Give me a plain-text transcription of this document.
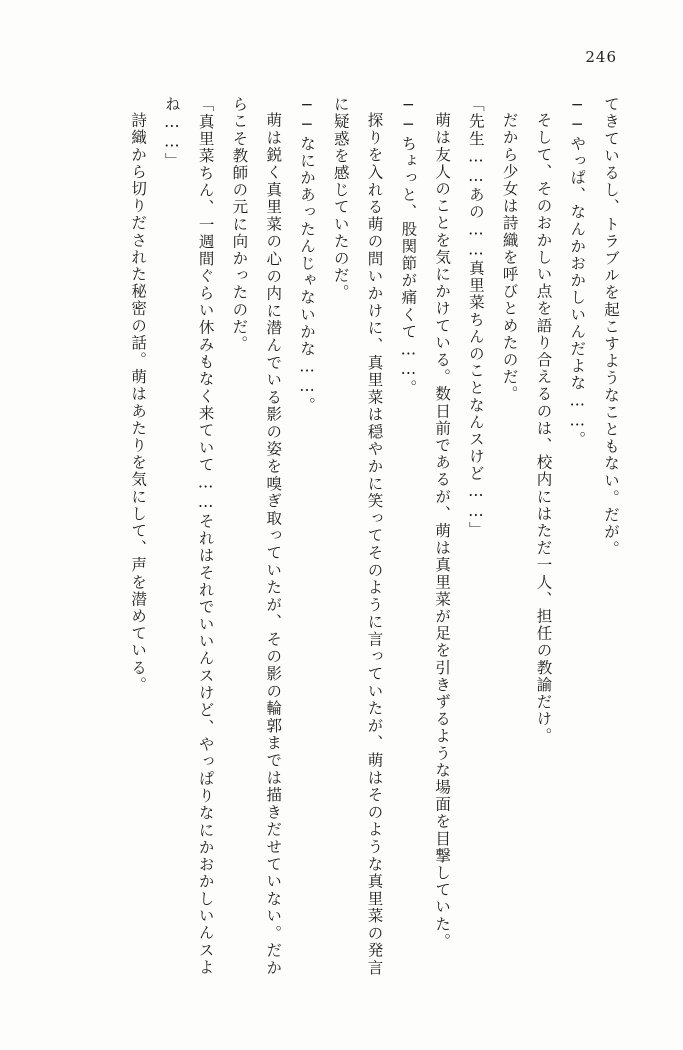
246

てきているし、トラブルを起こすようなこともない。だが。

──やっぱ、なんかおかしいんだよな……。

そして、そのおかしい点を語り合えるのは、校内にはただ一人、担任の教諭だけ。

だから少女は詩織を呼びとめたのだ。

「先生……あの……真里菜ちんのことなんスけど……」

萌は友人のことを気にかけている。数日前であるが、萌は真里菜が足を引きずるような場面を目撃していた。

──ちょっと、股関節が痛くて……。

探りを入れる萌の問いかけに、真里菜は穏やかに笑ってそのように言っていたが、萌はそのような真里菜の発言に疑惑を感じていたのだ。

──なにかあったんじゃないかな……。

萌は鋭く真里菜の心の内に潜んでいる影の姿を嗅ぎ取っていたが、その影の輪郭までは描きだせていない。だからこそ教師の元に向かったのだ。

「真里菜ちん、一週間ぐらい休みもなく来ていて……それはそれでいいんスけど、やっぱりなにかおかしいんスよね……」

詩織から切りだされた秘密の話。萌はあたりを気にして、声を潜めている。
